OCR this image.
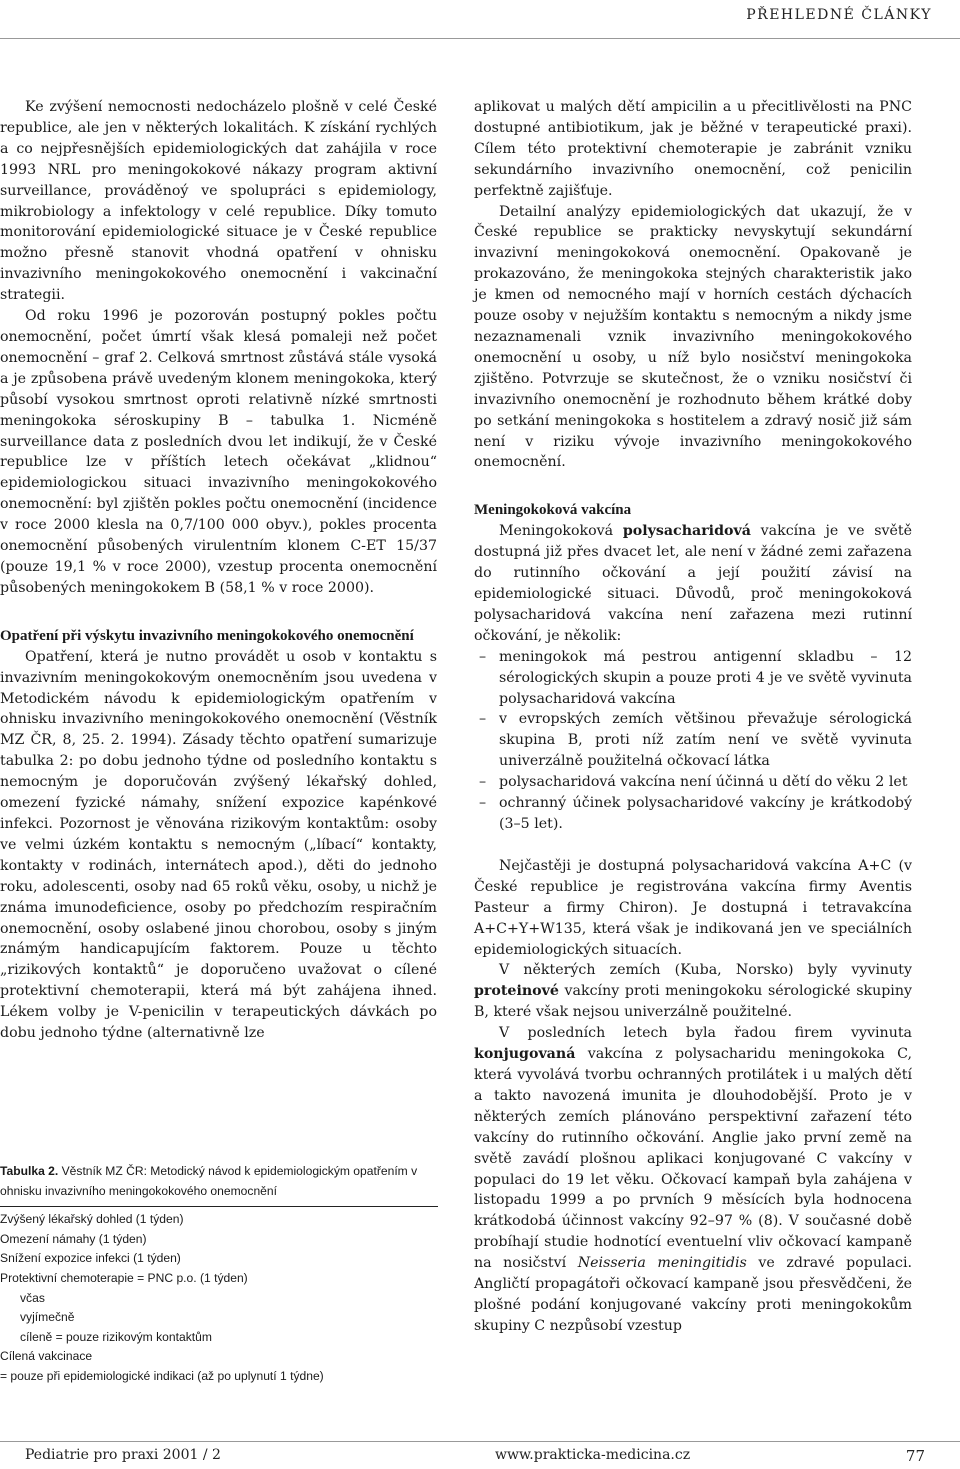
PŘEHLEDNÉ ČLÁNKY

Ke zvýšení nemocnosti nedocházelo plošně v celé České republice, ale jen v některých lokalitách. K získání rychlých a co nejpřesnějších epidemiologických dat zahájila v roce 1993 NRL pro meningokokové nákazy program aktivní surveillance, prováděnoý ve spolupráci s epidemiology, mikrobiology a infektology v celé republice. Díky tomuto monitorování epidemiologické situace je v České republice možno přesně stanovit vhodná opatření v ohnisku invazivního meningokokového onemocnění i vakcinační strategii.

Od roku 1996 je pozorován postupný pokles počtu onemocnění, počet úmrtí však klesá pomaleji než počet onemocnění – graf 2. Celková smrtnost zůstává stále vysoká a je způsobena právě uvedeným klonem meningokoka, který působí vysokou smrtnost oproti relativně nízké smrtnosti meningokoka séroskupiny B – tabulka 1. Nicméně surveillance data z posledních dvou let indikují, že v České republice lze v příštích letech očekávat „klidnou“ epidemiologickou situaci invazivního meningokokového onemocnění: byl zjištěn pokles počtu onemocnění (incidence v roce 2000 klesla na 0,7/100 000 obyv.), pokles procenta onemocnění působených virulentním klonem C-ET 15/37 (pouze 19,1 % v roce 2000), vzestup procenta onemocnění působených meningokokem B (58,1 % v roce 2000).

Opatření při výskytu invazivního meningokokového onemocnění

Opatření, která je nutno provádět u osob v kontaktu s invazivním meningokokovým onemocněním jsou uvedena v Metodickém návodu k epidemiologickým opatřením v ohnisku invazivního meningokokového onemocnění (Věstník MZ ČR, 8, 25. 2. 1994). Zásady těchto opatření sumarizuje tabulka 2: po dobu jednoho týdne od posledního kontaktu s nemocným je doporučován zvýšený lékařský dohled, omezení fyzické námahy, snížení expozice kapénkové infekci. Pozornost je věnována rizikovým kontaktům: osoby ve velmi úzkém kontaktu s nemocným („líbací“ kontakty, kontakty v rodinách, internátech apod.), děti do jednoho roku, adolescenti, osoby nad 65 roků věku, osoby, u nichž je známa imunodeficience, osoby po předchozím respiračním onemocnění, osoby oslabené jinou chorobou, osoby s jiným známým handicapujícím faktorem. Pouze u těchto „rizikových kontaktů“ je doporučeno uvažovat o cílené protektivní chemoterapii, která má být zahájena ihned. Lékem volby je V-penicilin v terapeutických dávkách po dobu jednoho týdne (alternativně lze

Tabulka 2. Věstník MZ ČR: Metodický návod k epidemiologickým opatřením v ohnisku invazivního meningokokového onemocnění
Zvýšený lékařský dohled (1 týden)
Omezení námahy (1 týden)
Snížení expozice infekci (1 týden)
Protektivní chemoterapie = PNC p.o. (1 týden)
včas
vyjímečně
cíleně = pouze rizikovým kontaktům
Cílená vakcinace
= pouze při epidemiologické indikaci (až po uplynutí 1 týdne)

aplikovat u malých dětí ampicilin a u přecitlivělosti na PNC dostupné antibiotikum, jak je běžné v terapeutické praxi). Cílem této protektivní chemoterapie je zabránit vzniku sekundárního invazivního onemocnění, což penicilin perfektně zajišťuje.

Detailní analýzy epidemiologických dat ukazují, že v České republice se prakticky nevyskytují sekundární invazivní meningokoková onemocnění. Opakovaně je prokazováno, že meningokoka stejných charakteristik jako je kmen od nemocného mají v horních cestách dýchacích pouze osoby v nejužším kontaktu s nemocným a nikdy jsme nezaznamenali vznik invazivního meningokokového onemocnění u osoby, u níž bylo nosičství meningokoka zjištěno. Potvrzuje se skutečnost, že o vzniku nosičství či invazivního onemocnění je rozhodnuto během krátké doby po setkání meningokoka s hostitelem a zdravý nosič již sám není v riziku vývoje invazivního meningokokového onemocnění.

Meningokoková vakcína

Meningokoková polysacharidová vakcína je ve světě dostupná již přes dvacet let, ale není v žádné zemi zařazena do rutinního očkování a její použití závisí na epidemiologické situaci. Důvodů, proč meningokoková polysacharidová vakcína není zařazena mezi rutinní očkování, je několik:

– meningokok má pestrou antigenní skladbu – 12 sérologických skupin a pouze proti 4 je ve světě vyvinuta polysacharidová vakcína
– v evropských zemích většinou převažuje sérologická skupina B, proti níž zatím není ve světě vyvinuta univerzálně použitelná očkovací látka
– polysacharidová vakcína není účinná u dětí do věku 2 let
– ochranný účinek polysacharidové vakcíny je krátkodobý (3–5 let).

Nejčastěji je dostupná polysacharidová vakcína A+C (v České republice je registrována vakcína firmy Aventis Pasteur a firmy Chiron). Je dostupná i tetravakcína A+C+Y+W135, která však je indikovaná jen ve speciálních epidemiologických situacích.

V některých zemích (Kuba, Norsko) byly vyvinuty proteinové vakcíny proti meningokoku sérologické skupiny B, které však nejsou univerzálně použitelné.

V posledních letech byla řadou firem vyvinuta konjugovaná vakcína z polysacharidu meningokoka C, která vyvolává tvorbu ochranných protilátek i u malých dětí a takto navozená imunita je dlouhodobější. Proto je v některých zemích plánováno perspektivní zařazení této vakcíny do rutinního očkování. Anglie jako první země na světě zavádí plošnou aplikaci konjugované C vakcíny v populaci do 19 let věku. Očkovací kampaň byla zahájena v listopadu 1999 a po prvních 9 měsících byla hodnocena krátkodobá účinnost vakcíny 92–97 % (8). V současné době probíhají studie hodnotící eventuelní vliv očkovací kampaně na nosičství Neisseria meningitidis ve zdravé populaci. Angličtí propagátoři očkovací kampaně jsou přesvědčeni, že plošné podání konjugované vakcíny proti meningokokům skupiny C nezpůsobí vzestup

Pediatrie pro praxi 2001 / 2	www.prakticka-medicina.cz	77
